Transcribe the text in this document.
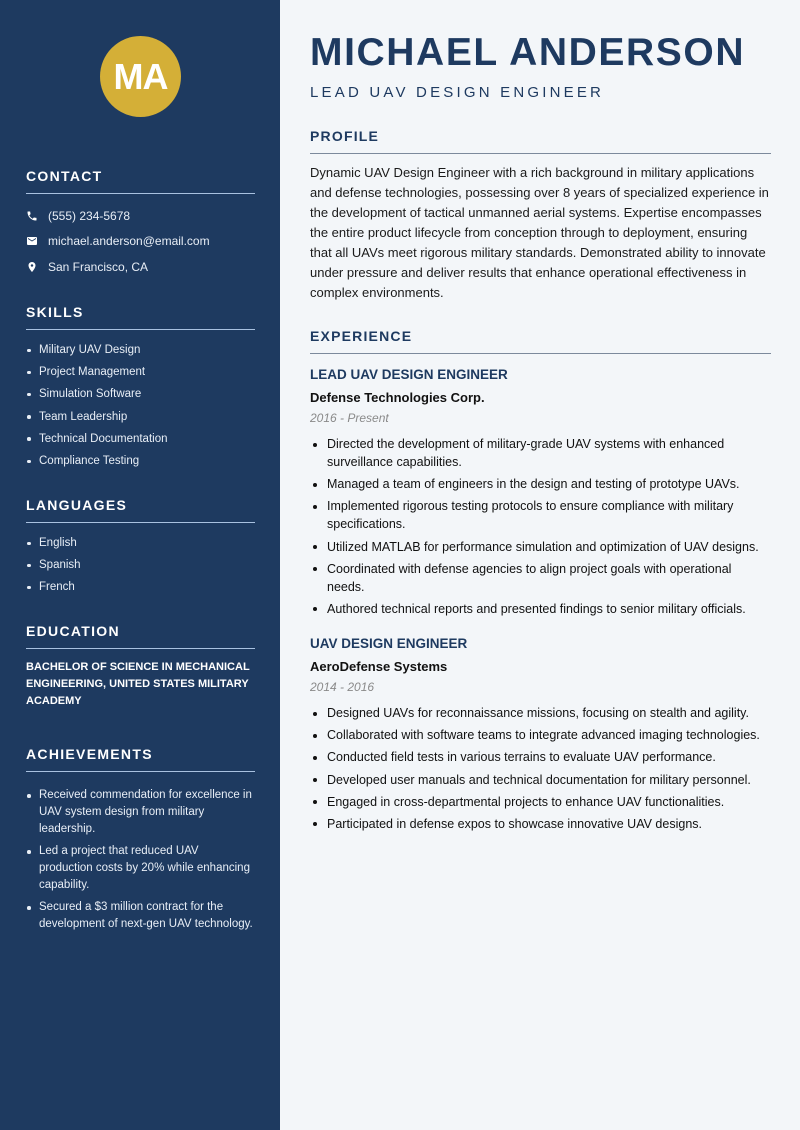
MA
CONTACT
(555) 234-5678
michael.anderson@email.com
San Francisco, CA
SKILLS
Military UAV Design
Project Management
Simulation Software
Team Leadership
Technical Documentation
Compliance Testing
LANGUAGES
English
Spanish
French
EDUCATION
BACHELOR OF SCIENCE IN MECHANICAL ENGINEERING, UNITED STATES MILITARY ACADEMY
ACHIEVEMENTS
Received commendation for excellence in UAV system design from military leadership.
Led a project that reduced UAV production costs by 20% while enhancing capability.
Secured a $3 million contract for the development of next-gen UAV technology.
MICHAEL ANDERSON
LEAD UAV DESIGN ENGINEER
PROFILE

Dynamic UAV Design Engineer with a rich background in military applications and defense technologies, possessing over 8 years of specialized experience in the development of tactical unmanned aerial systems. Expertise encompasses the entire product lifecycle from conception through to deployment, ensuring that all UAVs meet rigorous military standards. Demonstrated ability to innovate under pressure and deliver results that enhance operational effectiveness in complex environments.

EXPERIENCE
LEAD UAV DESIGN ENGINEER
Defense Technologies Corp.
2016 - Present
Directed the development of military-grade UAV systems with enhanced surveillance capabilities.
Managed a team of engineers in the design and testing of prototype UAVs.
Implemented rigorous testing protocols to ensure compliance with military specifications.
Utilized MATLAB for performance simulation and optimization of UAV designs.
Coordinated with defense agencies to align project goals with operational needs.
Authored technical reports and presented findings to senior military officials.
UAV DESIGN ENGINEER
AeroDefense Systems
2014 - 2016
Designed UAVs for reconnaissance missions, focusing on stealth and agility.
Collaborated with software teams to integrate advanced imaging technologies.
Conducted field tests in various terrains to evaluate UAV performance.
Developed user manuals and technical documentation for military personnel.
Engaged in cross-departmental projects to enhance UAV functionalities.
Participated in defense expos to showcase innovative UAV designs.
